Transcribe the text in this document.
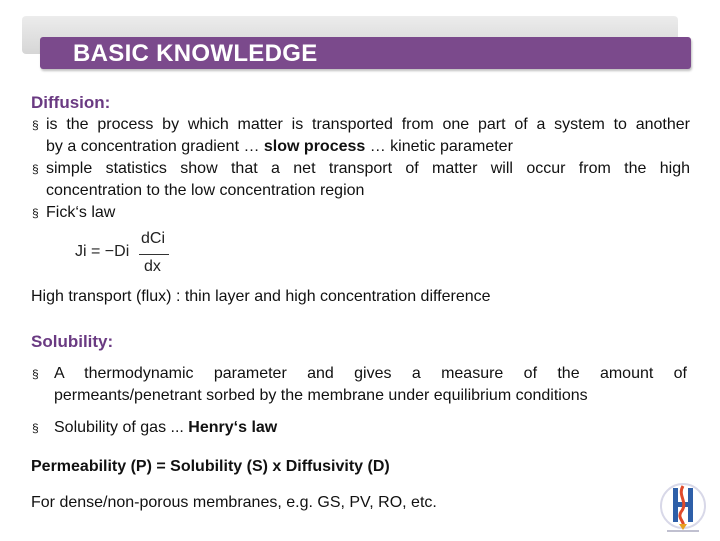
BASIC KNOWLEDGE
Diffusion:
§ is the process by which matter is transported from one part of a system to another
by a concentration gradient … slow process … kinetic parameter
§ simple statistics show that a net transport of matter will occur from the high
concentration to the low concentration region
§ Fick‘s law
Ji = −Di
dCi
dx
High transport (flux) : thin layer and high concentration difference
Solubility:
§ A thermodynamic parameter and gives a measure of the amount of
permeants/penetrant sorbed by the membrane under equilibrium conditions
§ Solubility of gas ... Henry‘s law
Permeability (P) = Solubility (S) x Diffusivity (D)
For dense/non-porous membranes, e.g. GS, PV, RO, etc.
